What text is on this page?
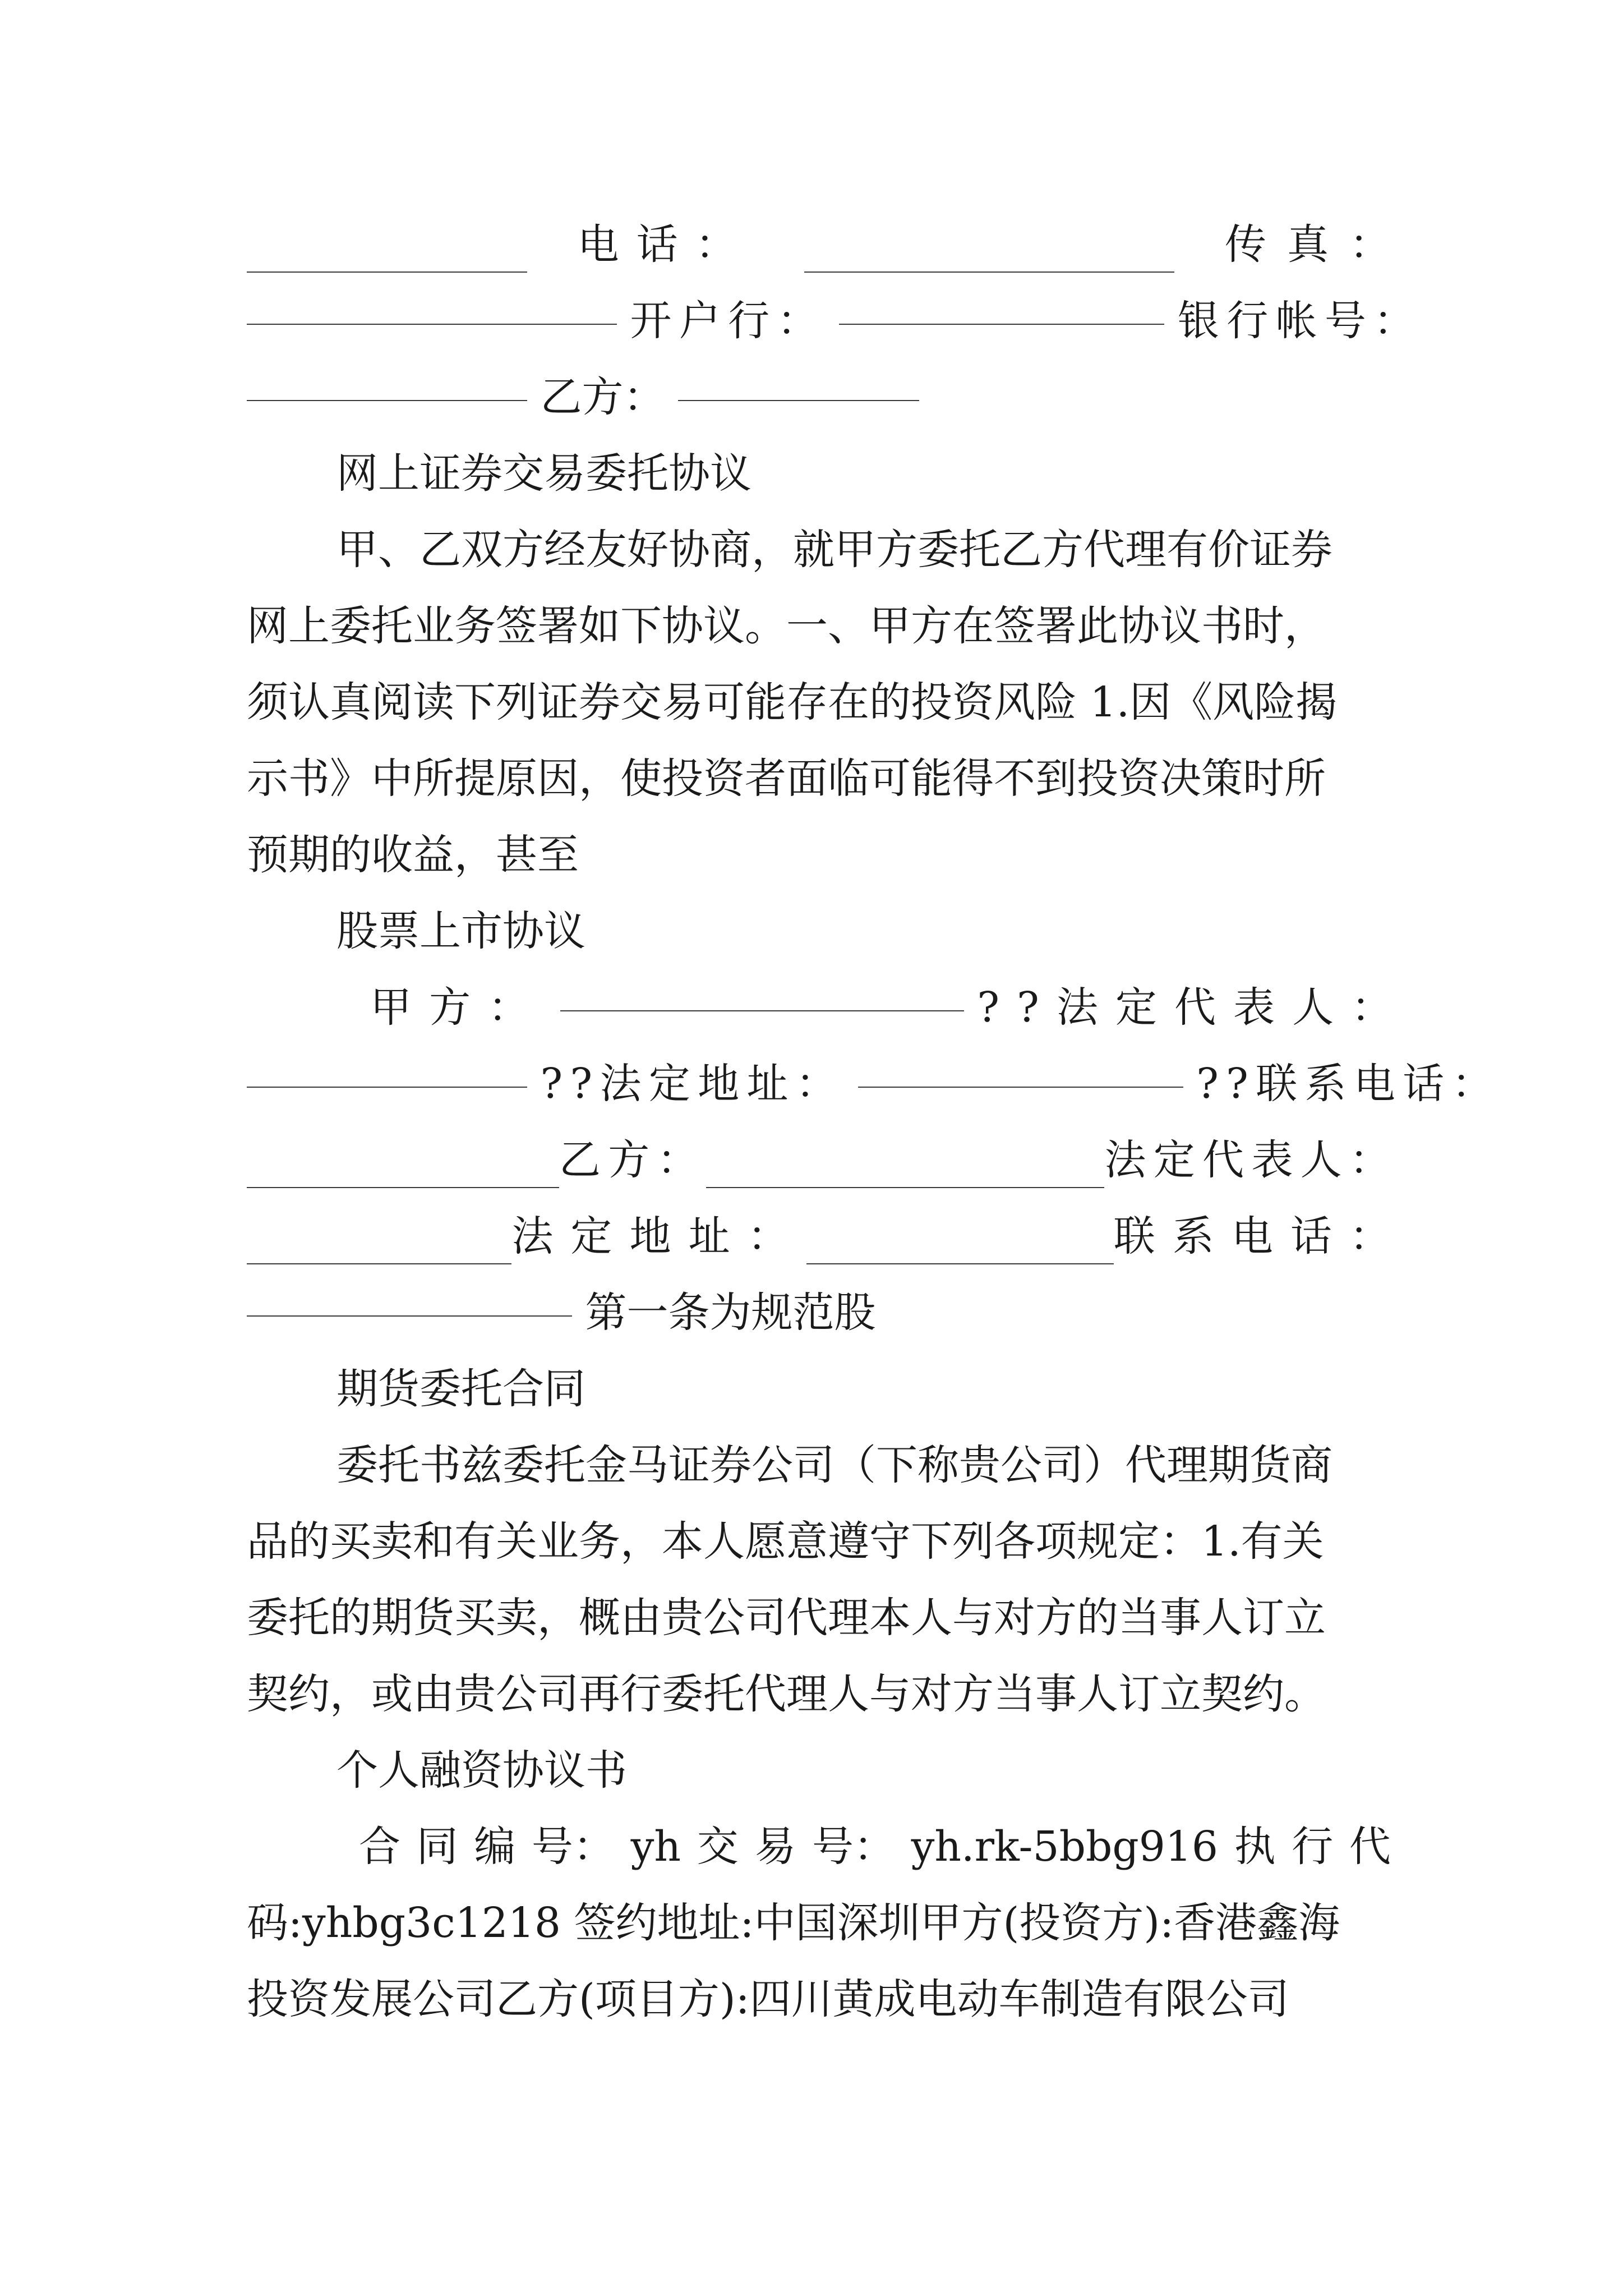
电话：	传真：
开户行：	银行帐号：
乙方：
网上证券交易委托协议
甲、乙双方经友好协商，就甲方委托乙方代理有价证券
网上委托业务签署如下协议。一、甲方在签署此协议书时，
须认真阅读下列证券交易可能存在的投资风险 1.因《风险揭
示书》中所提原因，使投资者面临可能得不到投资决策时所
预期的收益，甚至
股票上市协议
甲方：	??法定代表人：
??法定地址：	??联系电话：
乙方：	法定代表人：
法定地址：	联系电话：
第一条为规范股
期货委托合同
委托书兹委托金马证券公司（下称贵公司）代理期货商
品的买卖和有关业务，本人愿意遵守下列各项规定：1.有关
委托的期货买卖，概由贵公司代理本人与对方的当事人订立
契约，或由贵公司再行委托代理人与对方当事人订立契约。
个人融资协议书
合 同 编 号： yh 交 易 号： yh.rk-5bbg916 执 行 代
码:yhbg3c1218 签约地址:中国深圳甲方(投资方):香港鑫海
投资发展公司乙方(项目方):四川黄成电动车制造有限公司
